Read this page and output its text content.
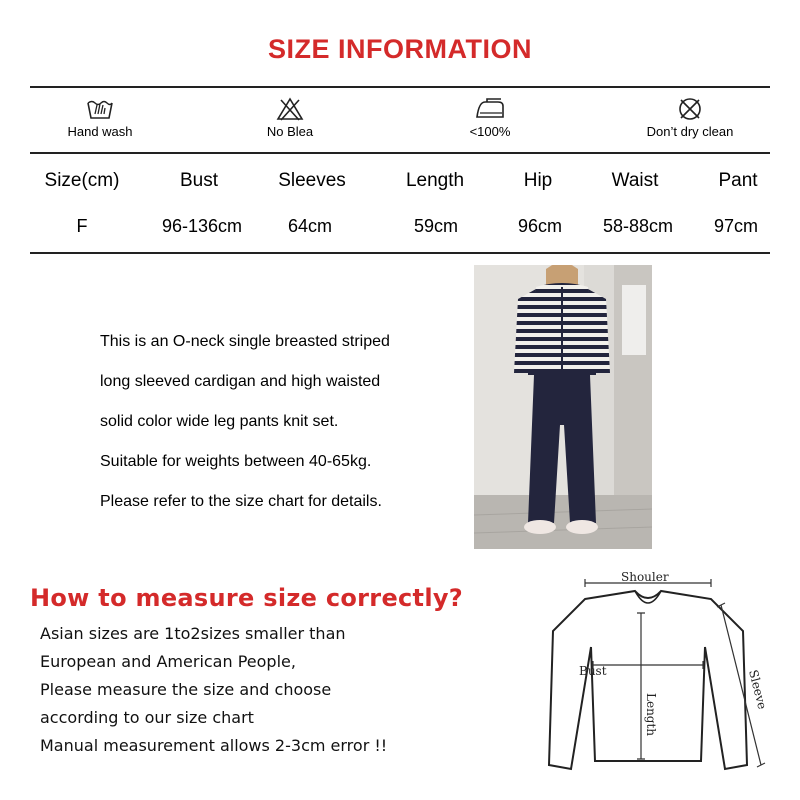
SIZE INFORMATION
Hand wash	No Blea	<100%	Don’t dry clean
Size(cm)	Bust	Sleeves	Length	Hip	Waist	Pant
F	96-136cm	64cm	59cm	96cm 58-88cm 97cm
This is an O-neck single breasted striped
long sleeved cardigan and high waisted
solid color wide leg pants knit set.
Suitable for weights between 40-65kg.
Please refer to the size chart for details.
How to measure size correctly?
Asian sizes are 1to2sizes smaller than
European and American People,
Please measure the size and choose
according to our size chart
Manual measurement allows 2-3cm error !!
Shouler
Bust
Length
Sleeve
